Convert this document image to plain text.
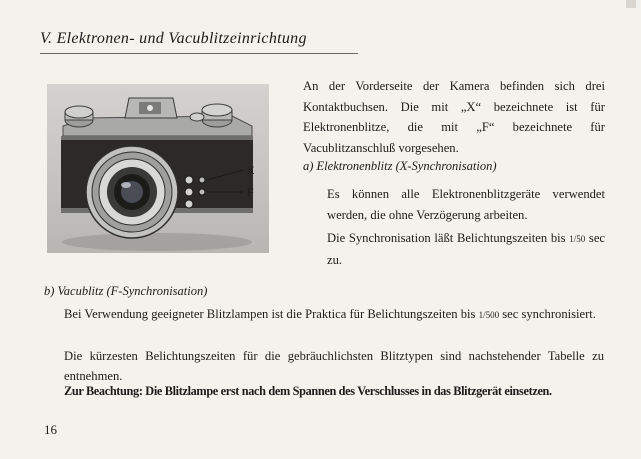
V. Elektronen- und Vacublitzeinrichtung
X
F
An der Vorderseite der Kamera befinden sich drei Kontaktbuchsen. Die mit „X“ bezeichnete ist für Elektronenblitze, die mit „F“ bezeichnete für Vacublitzanschluß vorgesehen.
a) Elektronenblitz (X-Synchronisation)
Es können alle Elektronenblitzgeräte verwendet werden, die ohne Verzögerung arbeiten.
Die Synchronisation läßt Belichtungszeiten bis 1/50 sec zu.
b) Vacublitz (F-Synchronisation)
Bei Verwendung geeigneter Blitzlampen ist die Praktica für Belichtungszeiten bis 1/500 sec synchronisiert.
Die kürzesten Belichtungszeiten für die gebräuchlichsten Blitztypen sind nachstehender Tabelle zu entnehmen.
Zur Beachtung: Die Blitzlampe erst nach dem Spannen des Verschlusses in das Blitzgerät einsetzen.
16
